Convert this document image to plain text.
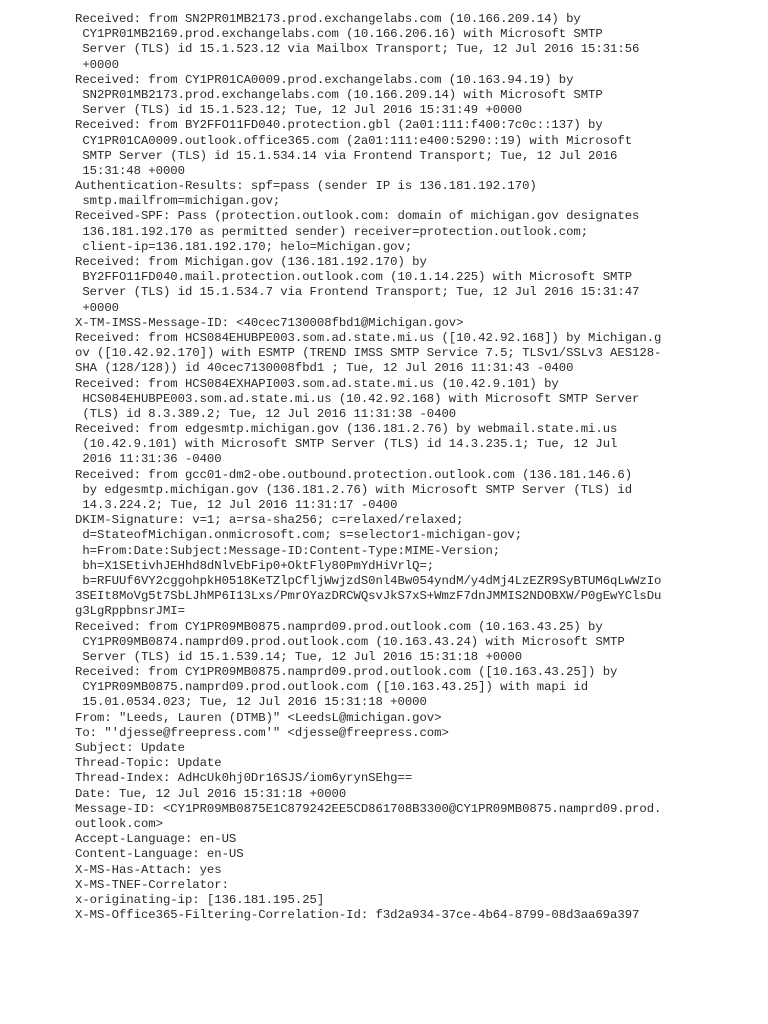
Received: from SN2PR01MB2173.prod.exchangelabs.com (10.166.209.14) by
CY1PR01MB2169.prod.exchangelabs.com (10.166.206.16) with Microsoft SMTP
Server (TLS) id 15.1.523.12 via Mailbox Transport; Tue, 12 Jul 2016 15:31:56
+0000
Received: from CY1PR01CA0009.prod.exchangelabs.com (10.163.94.19) by
SN2PR01MB2173.prod.exchangelabs.com (10.166.209.14) with Microsoft SMTP
Server (TLS) id 15.1.523.12; Tue, 12 Jul 2016 15:31:49 +0000
Received: from BY2FFO11FD040.protection.gbl (2a01:111:f400:7c0c::137) by
CY1PR01CA0009.outlook.office365.com (2a01:111:e400:5290::19) with Microsoft
SMTP Server (TLS) id 15.1.534.14 via Frontend Transport; Tue, 12 Jul 2016
15:31:48 +0000
Authentication-Results: spf=pass (sender IP is 136.181.192.170)
smtp.mailfrom=michigan.gov;
Received-SPF: Pass (protection.outlook.com: domain of michigan.gov designates
136.181.192.170 as permitted sender) receiver=protection.outlook.com;
client-ip=136.181.192.170; helo=Michigan.gov;
Received: from Michigan.gov (136.181.192.170) by
BY2FFO11FD040.mail.protection.outlook.com (10.1.14.225) with Microsoft SMTP
Server (TLS) id 15.1.534.7 via Frontend Transport; Tue, 12 Jul 2016 15:31:47
+0000
X-TM-IMSS-Message-ID: <40cec7130008fbd1@Michigan.gov>
Received: from HCS084EHUBPE003.som.ad.state.mi.us ([10.42.92.168]) by Michigan.g
ov ([10.42.92.170]) with ESMTP (TREND IMSS SMTP Service 7.5; TLSv1/SSLv3 AES128-
SHA (128/128)) id 40cec7130008fbd1 ; Tue, 12 Jul 2016 11:31:43 -0400
Received: from HCS084EXHAPI003.som.ad.state.mi.us (10.42.9.101) by
HCS084EHUBPE003.som.ad.state.mi.us (10.42.92.168) with Microsoft SMTP Server
(TLS) id 8.3.389.2; Tue, 12 Jul 2016 11:31:38 -0400
Received: from edgesmtp.michigan.gov (136.181.2.76) by webmail.state.mi.us
(10.42.9.101) with Microsoft SMTP Server (TLS) id 14.3.235.1; Tue, 12 Jul
2016 11:31:36 -0400
Received: from gcc01-dm2-obe.outbound.protection.outlook.com (136.181.146.6)
by edgesmtp.michigan.gov (136.181.2.76) with Microsoft SMTP Server (TLS) id
14.3.224.2; Tue, 12 Jul 2016 11:31:17 -0400
DKIM-Signature: v=1; a=rsa-sha256; c=relaxed/relaxed;
d=StateofMichigan.onmicrosoft.com; s=selector1-michigan-gov;
h=From:Date:Subject:Message-ID:Content-Type:MIME-Version;
bh=X1SEtivhJEHhd8dNlvEbFip0+OktFly80PmYdHiVrlQ=;
b=RFUUf6VY2cggohpkH0518KeTZlpCfljWwjzdS0nl4Bw054yndM/y4dMj4LzEZR9SyBTUM6qLwWzIo
3SEIt8MoVg5t7SbLJhMP6I13Lxs/PmrOYazDRCWQsvJkS7xS+WmzF7dnJMMIS2NDOBXW/P0gEwYClsDu
g3LgRppbnsrJMI=
Received: from CY1PR09MB0875.namprd09.prod.outlook.com (10.163.43.25) by
CY1PR09MB0874.namprd09.prod.outlook.com (10.163.43.24) with Microsoft SMTP
Server (TLS) id 15.1.539.14; Tue, 12 Jul 2016 15:31:18 +0000
Received: from CY1PR09MB0875.namprd09.prod.outlook.com ([10.163.43.25]) by
CY1PR09MB0875.namprd09.prod.outlook.com ([10.163.43.25]) with mapi id
15.01.0534.023; Tue, 12 Jul 2016 15:31:18 +0000
From: "Leeds, Lauren (DTMB)" <LeedsL@michigan.gov>
To: "'djesse@freepress.com'" <djesse@freepress.com>
Subject: Update
Thread-Topic: Update
Thread-Index: AdHcUk0hj0Dr16SJS/iom6yrynSEhg==
Date: Tue, 12 Jul 2016 15:31:18 +0000
Message-ID: <CY1PR09MB0875E1C879242EE5CD861708B3300@CY1PR09MB0875.namprd09.prod.
outlook.com>
Accept-Language: en-US
Content-Language: en-US
X-MS-Has-Attach: yes
X-MS-TNEF-Correlator:
x-originating-ip: [136.181.195.25]
X-MS-Office365-Filtering-Correlation-Id: f3d2a934-37ce-4b64-8799-08d3aa69a397
